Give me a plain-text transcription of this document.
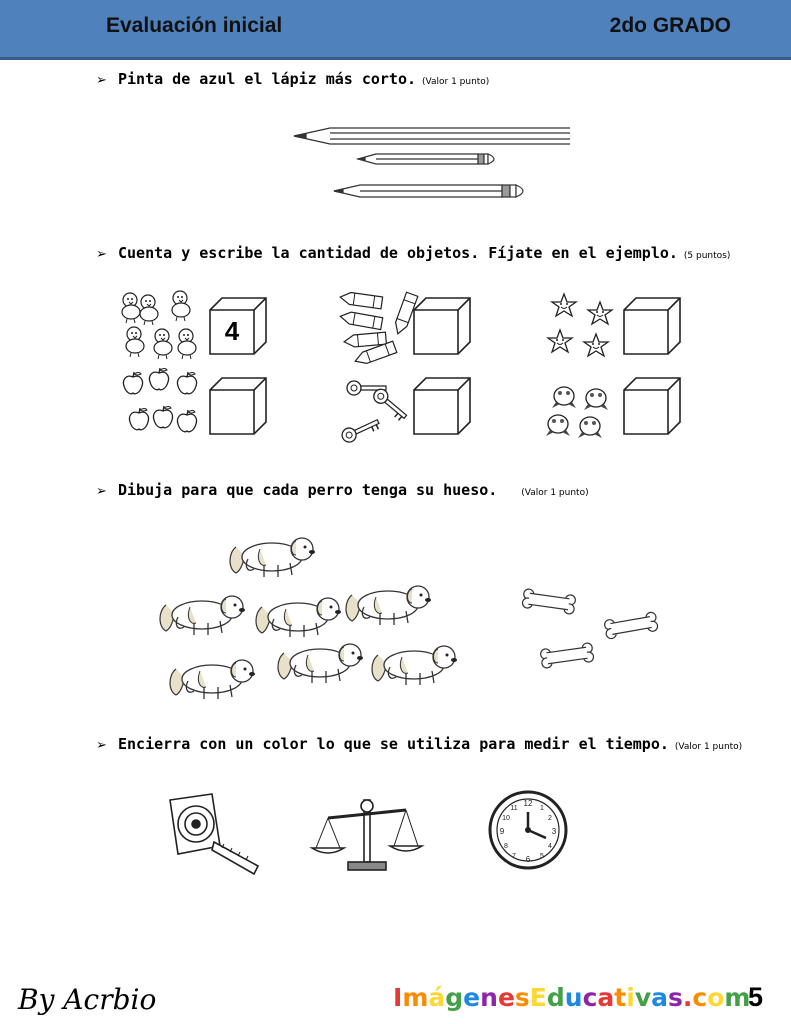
Evaluación inicial	2do GRADO
➢ Pinta de azul el lápiz más corto. (Valor 1 punto)
➢ Cuenta y escribe la cantidad de objetos. Fíjate en el ejemplo. (5 puntos)
4
➢ Dibuja para que cada perro tenga su hueso.	(Valor 1 punto)
➢ Encierra con un color lo que se utiliza para medir el tiempo. (Valor 1 punto)
12
3
6
9
1
2
4
5
7
8
10
11
By Acrbio	ImágenesEducativas.com
5
